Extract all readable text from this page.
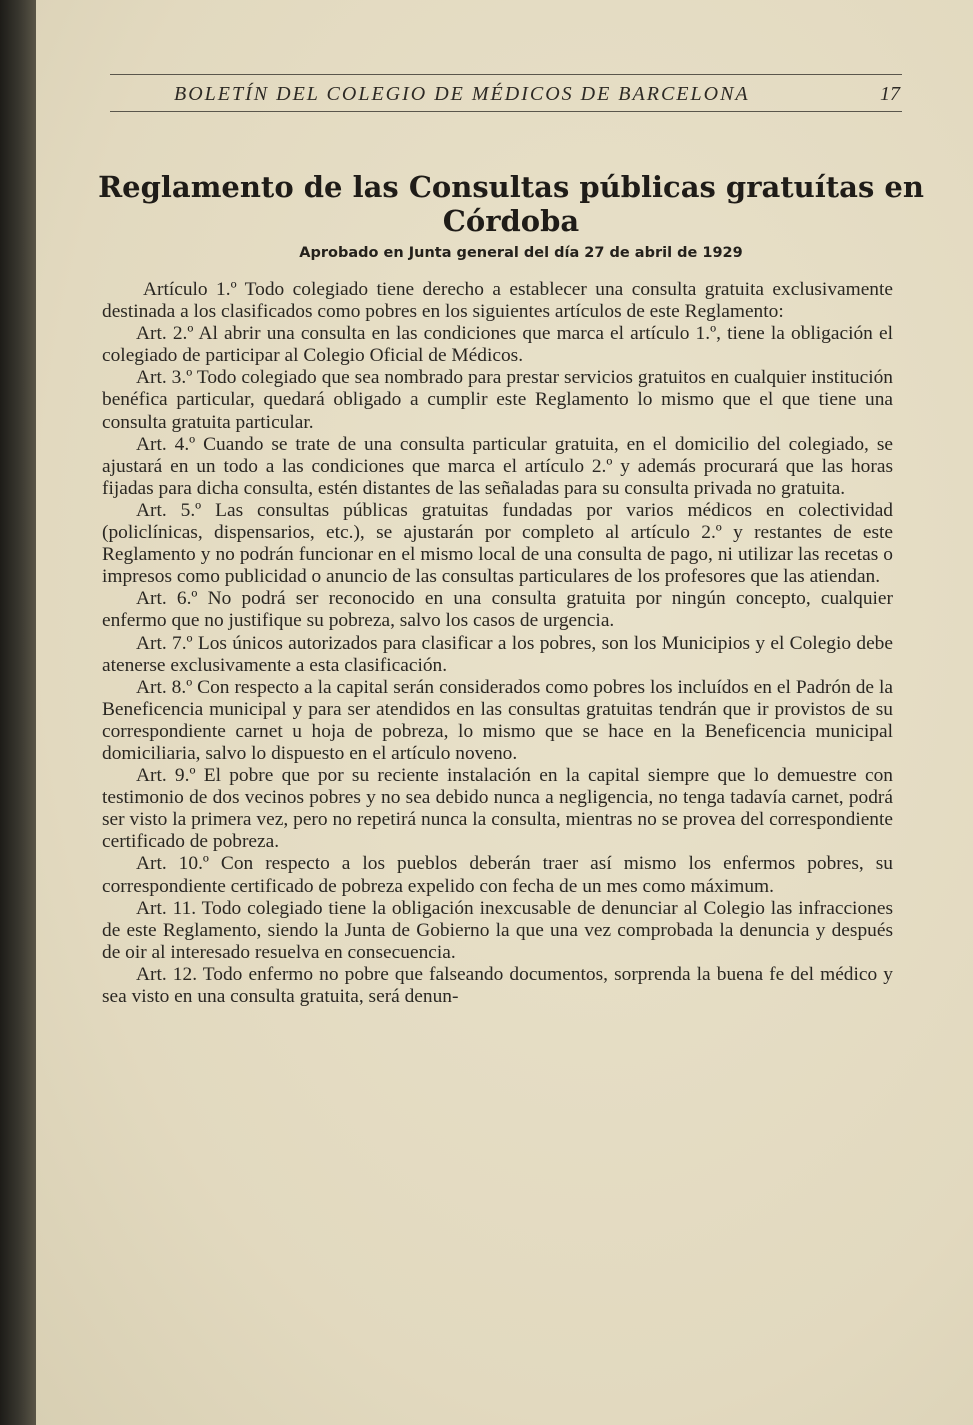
BOLETÍN DEL COLEGIO DE MÉDICOS DE BARCELONA	17
Reglamento de las Consultas públicas gratuítas en Córdoba

Aprobado en Junta general del día 27 de abril de 1929

Artículo 1.º Todo colegiado tiene derecho a establecer una consulta gratuita exclusivamente destinada a los clasificados como pobres en los siguientes artículos de este Reglamento:

Art. 2.º Al abrir una consulta en las condiciones que marca el artículo 1.º, tiene la obligación el colegiado de participar al Colegio Oficial de Médicos.

Art. 3.º Todo colegiado que sea nombrado para prestar servicios gratuitos en cualquier institución benéfica particular, quedará obligado a cumplir este Reglamento lo mismo que el que tiene una consulta gratuita particular.

Art. 4.º Cuando se trate de una consulta particular gratuita, en el domicilio del colegiado, se ajustará en un todo a las condiciones que marca el artículo 2.º y además procurará que las horas fijadas para dicha consulta, estén distantes de las señaladas para su consulta privada no gratuita.

Art. 5.º Las consultas públicas gratuitas fundadas por varios médicos en colectividad (policlínicas, dispensarios, etc.), se ajustarán por completo al artículo 2.º y restantes de este Reglamento y no podrán funcionar en el mismo local de una consulta de pago, ni utilizar las recetas o impresos como publicidad o anuncio de las consultas particulares de los profesores que las atiendan.

Art. 6.º No podrá ser reconocido en una consulta gratuita por ningún concepto, cualquier enfermo que no justifique su pobreza, salvo los casos de urgencia.

Art. 7.º Los únicos autorizados para clasificar a los pobres, son los Municipios y el Colegio debe atenerse exclusivamente a esta clasificación.

Art. 8.º Con respecto a la capital serán considerados como pobres los incluídos en el Padrón de la Beneficencia municipal y para ser atendidos en las consultas gratuitas tendrán que ir provistos de su correspondiente carnet u hoja de pobreza, lo mismo que se hace en la Beneficencia municipal domiciliaria, salvo lo dispuesto en el artículo noveno.

Art. 9.º El pobre que por su reciente instalación en la capital siempre que lo demuestre con testimonio de dos vecinos pobres y no sea debido nunca a negligencia, no tenga tadavía carnet, podrá ser visto la primera vez, pero no repetirá nunca la consulta, mientras no se provea del correspondiente certificado de pobreza.

Art. 10.º Con respecto a los pueblos deberán traer así mismo los enfermos pobres, su correspondiente certificado de pobreza expelido con fecha de un mes como máximum.

Art. 11. Todo colegiado tiene la obligación inexcusable de denunciar al Colegio las infracciones de este Reglamento, siendo la Junta de Gobierno la que una vez comprobada la denuncia y después de oir al interesado resuelva en consecuencia.

Art. 12. Todo enfermo no pobre que falseando documentos, sorprenda la buena fe del médico y sea visto en una consulta gratuita, será denun-
